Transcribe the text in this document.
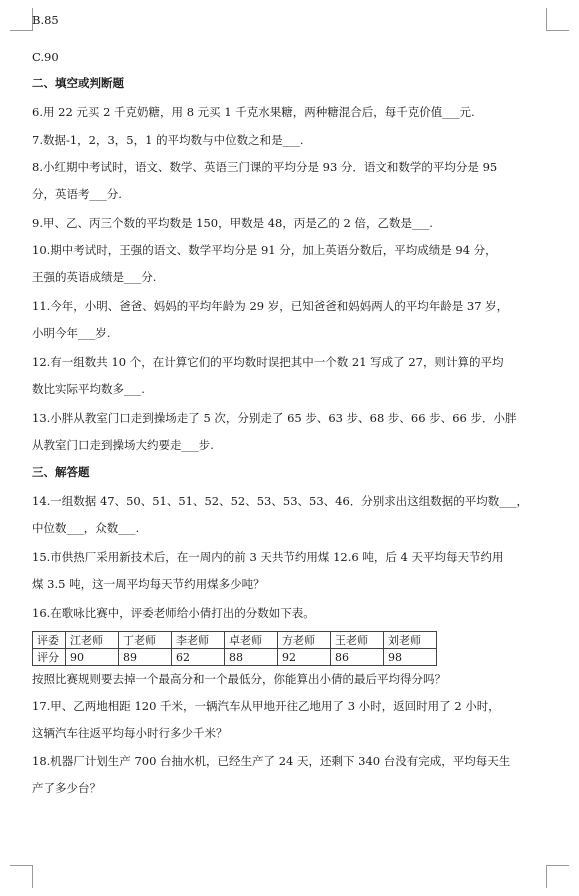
B.85
C.90
二、填空或判断题
6.用 22 元买 2 千克奶糖，用 8 元买 1 千克水果糖，两种糖混合后，每千克价值___元.
7.数据-1，2，3，5，1 的平均数与中位数之和是___.
8.小红期中考试时，语文、数学、英语三门课的平均分是 93 分．语文和数学的平均分是 95
分，英语考___分.
9.甲、乙、丙三个数的平均数是 150，甲数是 48，丙是乙的 2 倍，乙数是___.
10.期中考试时，王强的语文、数学平均分是 91 分，加上英语分数后，平均成绩是 94 分，
王强的英语成绩是___分.
11.今年，小明、爸爸、妈妈的平均年龄为 29 岁，已知爸爸和妈妈两人的平均年龄是 37 岁，
小明今年___岁.
12.有一组数共 10 个，在计算它们的平均数时误把其中一个数 21 写成了 27，则计算的平均
数比实际平均数多___.
13.小胖从教室门口走到操场走了 5 次，分别走了 65 步、63 步、68 步、66 步、66 步．小胖
从教室门口走到操场大约要走___步.
三、解答题
14.一组数据 47、50、51、51、52、52、53、53、53、46．分别求出这组数据的平均数___，
中位数___，众数___.
15.市供热厂采用新技术后，在一周内的前 3 天共节约用煤 12.6 吨，后 4 天平均每天节约用
煤 3.5 吨，这一周平均每天节约用煤多少吨？
16.在歌咏比赛中，评委老师给小倩打出的分数如下表。
评委	江老师	丁老师	李老师	卓老师	方老师	王老师	刘老师
评分	90	89	62	88	92	86	98
按照比赛规则要去掉一个最高分和一个最低分，你能算出小倩的最后平均得分吗？
17.甲、乙两地相距 120 千米，一辆汽车从甲地开往乙地用了 3 小时，返回时用了 2 小时，
这辆汽车往返平均每小时行多少千米？
18.机器厂计划生产 700 台抽水机，已经生产了 24 天，还剩下 340 台没有完成，平均每天生
产了多少台？
